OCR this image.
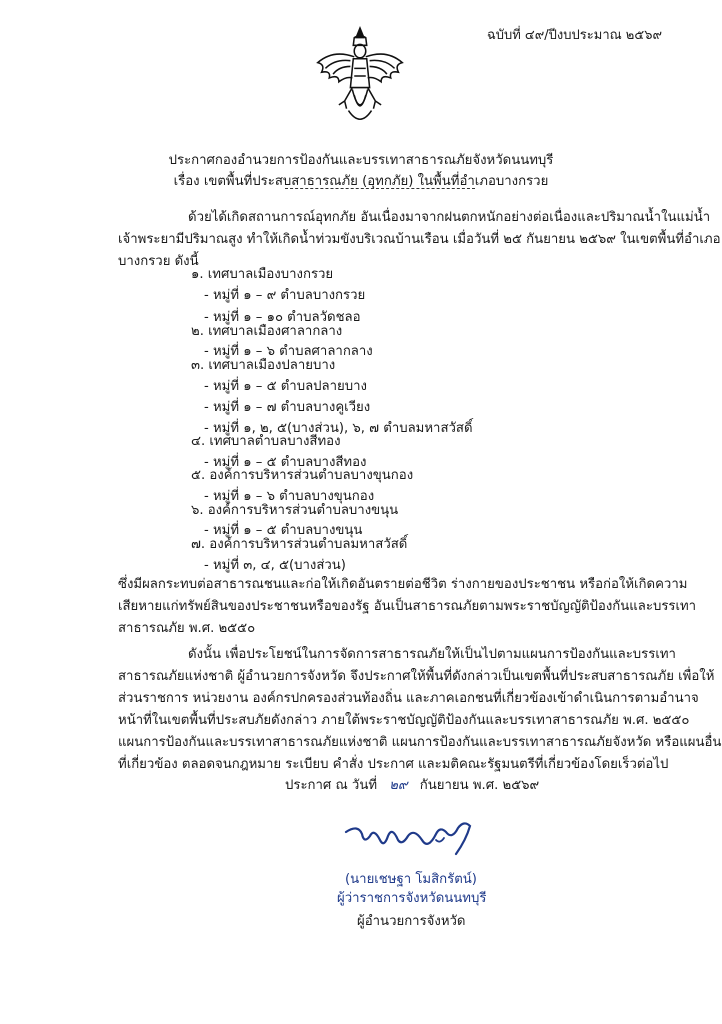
ฉบับที่ ๔๙/ปีงบประมาณ ๒๕๖๙
ประกาศกองอำนวยการป้องกันและบรรเทาสาธารณภัยจังหวัดนนทบุรี
เรื่อง เขตพื้นที่ประสบสาธารณภัย (อุทกภัย) ในพื้นที่อำเภอบางกรวย
ด้วยได้เกิดสถานการณ์อุทกภัย อันเนื่องมาจากฝนตกหนักอย่างต่อเนื่องและปริมาณน้ำในแม่น้ำ
เจ้าพระยามีปริมาณสูง ทำให้เกิดน้ำท่วมขังบริเวณบ้านเรือน เมื่อวันที่ ๒๕ กันยายน ๒๕๖๙ ในเขตพื้นที่อำเภอ
บางกรวย ดังนี้
๑. เทศบาลเมืองบางกรวย
- หมู่ที่ ๑ – ๙ ตำบลบางกรวย
- หมู่ที่ ๑ – ๑๐ ตำบลวัดชลอ
๒. เทศบาลเมืองศาลากลาง
- หมู่ที่ ๑ – ๖ ตำบลศาลากลาง
๓. เทศบาลเมืองปลายบาง
- หมู่ที่ ๑ – ๕ ตำบลปลายบาง
- หมู่ที่ ๑ – ๗ ตำบลบางคูเวียง
- หมู่ที่ ๑, ๒, ๕(บางส่วน), ๖, ๗ ตำบลมหาสวัสดิ์
๔. เทศบาลตำบลบางสีทอง
- หมู่ที่ ๑ – ๕ ตำบลบางสีทอง
๕. องค์การบริหารส่วนตำบลบางขุนกอง
- หมู่ที่ ๑ – ๖ ตำบลบางขุนกอง
๖. องค์การบริหารส่วนตำบลบางขนุน
- หมู่ที่ ๑ – ๕ ตำบลบางขนุน
๗. องค์การบริหารส่วนตำบลมหาสวัสดิ์
- หมู่ที่ ๓, ๔, ๕(บางส่วน)
ซึ่งมีผลกระทบต่อสาธารณชนและก่อให้เกิดอันตรายต่อชีวิต ร่างกายของประชาชน หรือก่อให้เกิดความ
เสียหายแก่ทรัพย์สินของประชาชนหรือของรัฐ อันเป็นสาธารณภัยตามพระราชบัญญัติป้องกันและบรรเทา
สาธารณภัย พ.ศ. ๒๕๕๐
ดังนั้น เพื่อประโยชน์ในการจัดการสาธารณภัยให้เป็นไปตามแผนการป้องกันและบรรเทา
สาธารณภัยแห่งชาติ ผู้อำนวยการจังหวัด จึงประกาศให้พื้นที่ดังกล่าวเป็นเขตพื้นที่ประสบสาธารณภัย เพื่อให้
ส่วนราชการ หน่วยงาน องค์กรปกครองส่วนท้องถิ่น และภาคเอกชนที่เกี่ยวข้องเข้าดำเนินการตามอำนาจ
หน้าที่ในเขตพื้นที่ประสบภัยดังกล่าว ภายใต้พระราชบัญญัติป้องกันและบรรเทาสาธารณภัย พ.ศ. ๒๕๕๐
แผนการป้องกันและบรรเทาสาธารณภัยแห่งชาติ แผนการป้องกันและบรรเทาสาธารณภัยจังหวัด หรือแผนอื่น
ที่เกี่ยวข้อง ตลอดจนกฎหมาย ระเบียบ คำสั่ง ประกาศ และมติคณะรัฐมนตรีที่เกี่ยวข้องโดยเร็วต่อไป
ประกาศ ณ วันที่ ๒๙ กันยายน พ.ศ. ๒๕๖๙
(นายเชษฐา โมสิกรัตน์)
ผู้ว่าราชการจังหวัดนนทบุรี
ผู้อำนวยการจังหวัด
